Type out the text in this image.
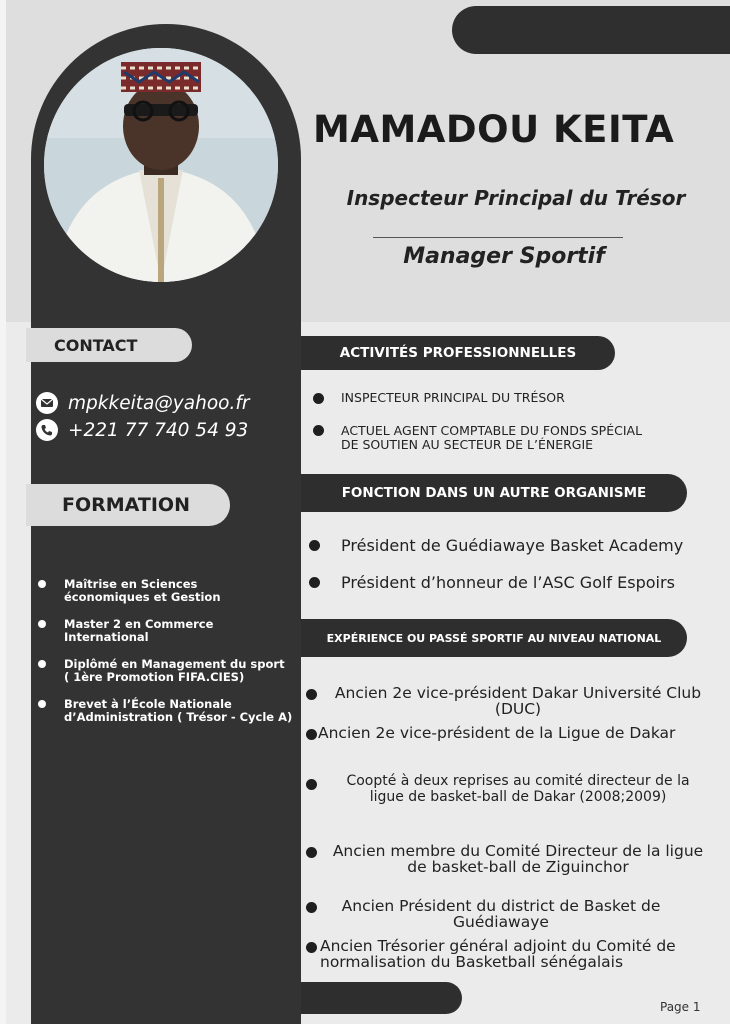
MAMADOU KEITA
Inspecteur Principal du Trésor
Manager Sportif
CONTACT
mpkkeita@yahoo.fr
+221 77 740 54 93
FORMATION
Maîtrise en Sciences
économiques et Gestion
Master 2 en Commerce
International
Diplômé en Management du sport
( 1ère Promotion FIFA.CIES)
Brevet à l’École Nationale
d’Administration ( Trésor - Cycle A)
ACTIVITÉS PROFESSIONNELLES
INSPECTEUR PRINCIPAL DU TRÉSOR
ACTUEL AGENT COMPTABLE DU FONDS SPÉCIAL
DE SOUTIEN AU SECTEUR DE L’ÉNERGIE
FONCTION DANS UN AUTRE ORGANISME
Président de Guédiawaye Basket Academy
Président d’honneur de l’ASC Golf Espoirs
EXPÉRIENCE OU PASSÉ SPORTIF AU NIVEAU NATIONAL
Ancien 2e vice-président Dakar Université Club
(DUC)
Ancien 2e vice-président de la Ligue de Dakar
Coopté à deux reprises au comité directeur de la
ligue de basket-ball de Dakar (2008;2009)
Ancien membre du Comité Directeur de la ligue
de basket-ball de Ziguinchor
Ancien Président du district de Basket de
Guédiawaye
Ancien Trésorier général adjoint du Comité de
normalisation du Basketball sénégalais
Page 1
